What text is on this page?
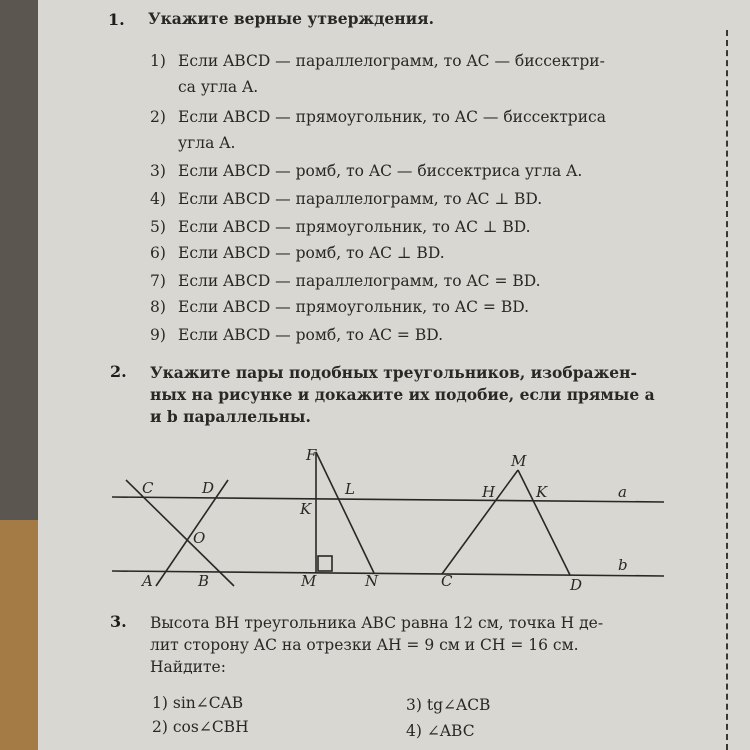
1. Укажите верные утверждения.
1) Если ABCD — параллелограмм, то AC — биссектри-
са угла A.
2) Если ABCD — прямоугольник, то AC — биссектриса
угла A.
3) Если ABCD — ромб, то AC — биссектриса угла A.
4) Если ABCD — параллелограмм, то AC ⊥ BD.
5) Если ABCD — прямоугольник, то AC ⊥ BD.
6) Если ABCD — ромб, то AC ⊥ BD.
7) Если ABCD — параллелограмм, то AC = BD.
8) Если ABCD — прямоугольник, то AC = BD.
9) Если ABCD — ромб, то AC = BD.
2. Укажите пары подобных треугольников, изображен-
ных на рисунке и докажите их подобие, если прямые a
и b параллельны.
C	D
O
A	B
F
K
L
M	N
M
H	K
C	D
a
b
3. Высота BH треугольника ABC равна 12 см, точка H де-
лит сторону AC на отрезки AH = 9 см и CH = 16 см.
Найдите:
1) sin∠CAB	3) tg∠ACB
2) cos∠CBH	4) ∠ABC
